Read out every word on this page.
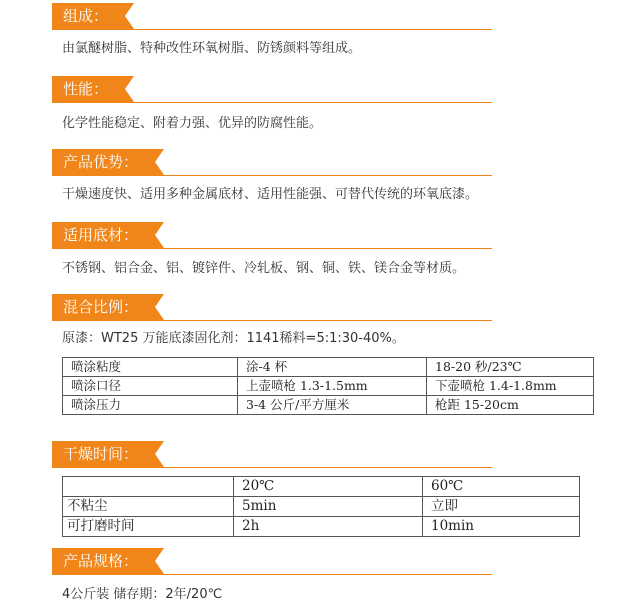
组成：
由氯醚树脂、特种改性环氧树脂、防锈颜料等组成。
性能：
化学性能稳定、附着力强、优异的防腐性能。
产品优势：
干燥速度快、适用多种金属底材、适用性能强、可替代传统的环氧底漆。
适用底材：
不锈钢、铝合金、铝、镀锌件、冷轧板、钢、铜、铁、镁合金等材质。
混合比例：
原漆：WT25 万能底漆固化剂：1141稀料=5:1:30-40%。
喷涂粘度	涂-4 杯	18-20 秒/23℃
喷涂口径	上壶喷枪 1.3-1.5mm	下壶喷枪 1.4-1.8mm
喷涂压力	3-4 公斤/平方厘米	枪距 15-20cm
干燥时间：
	20℃	60℃
不粘尘	5min	立即
可打磨时间	2h	10min
产品规格：
4公斤装 储存期：2年/20℃
